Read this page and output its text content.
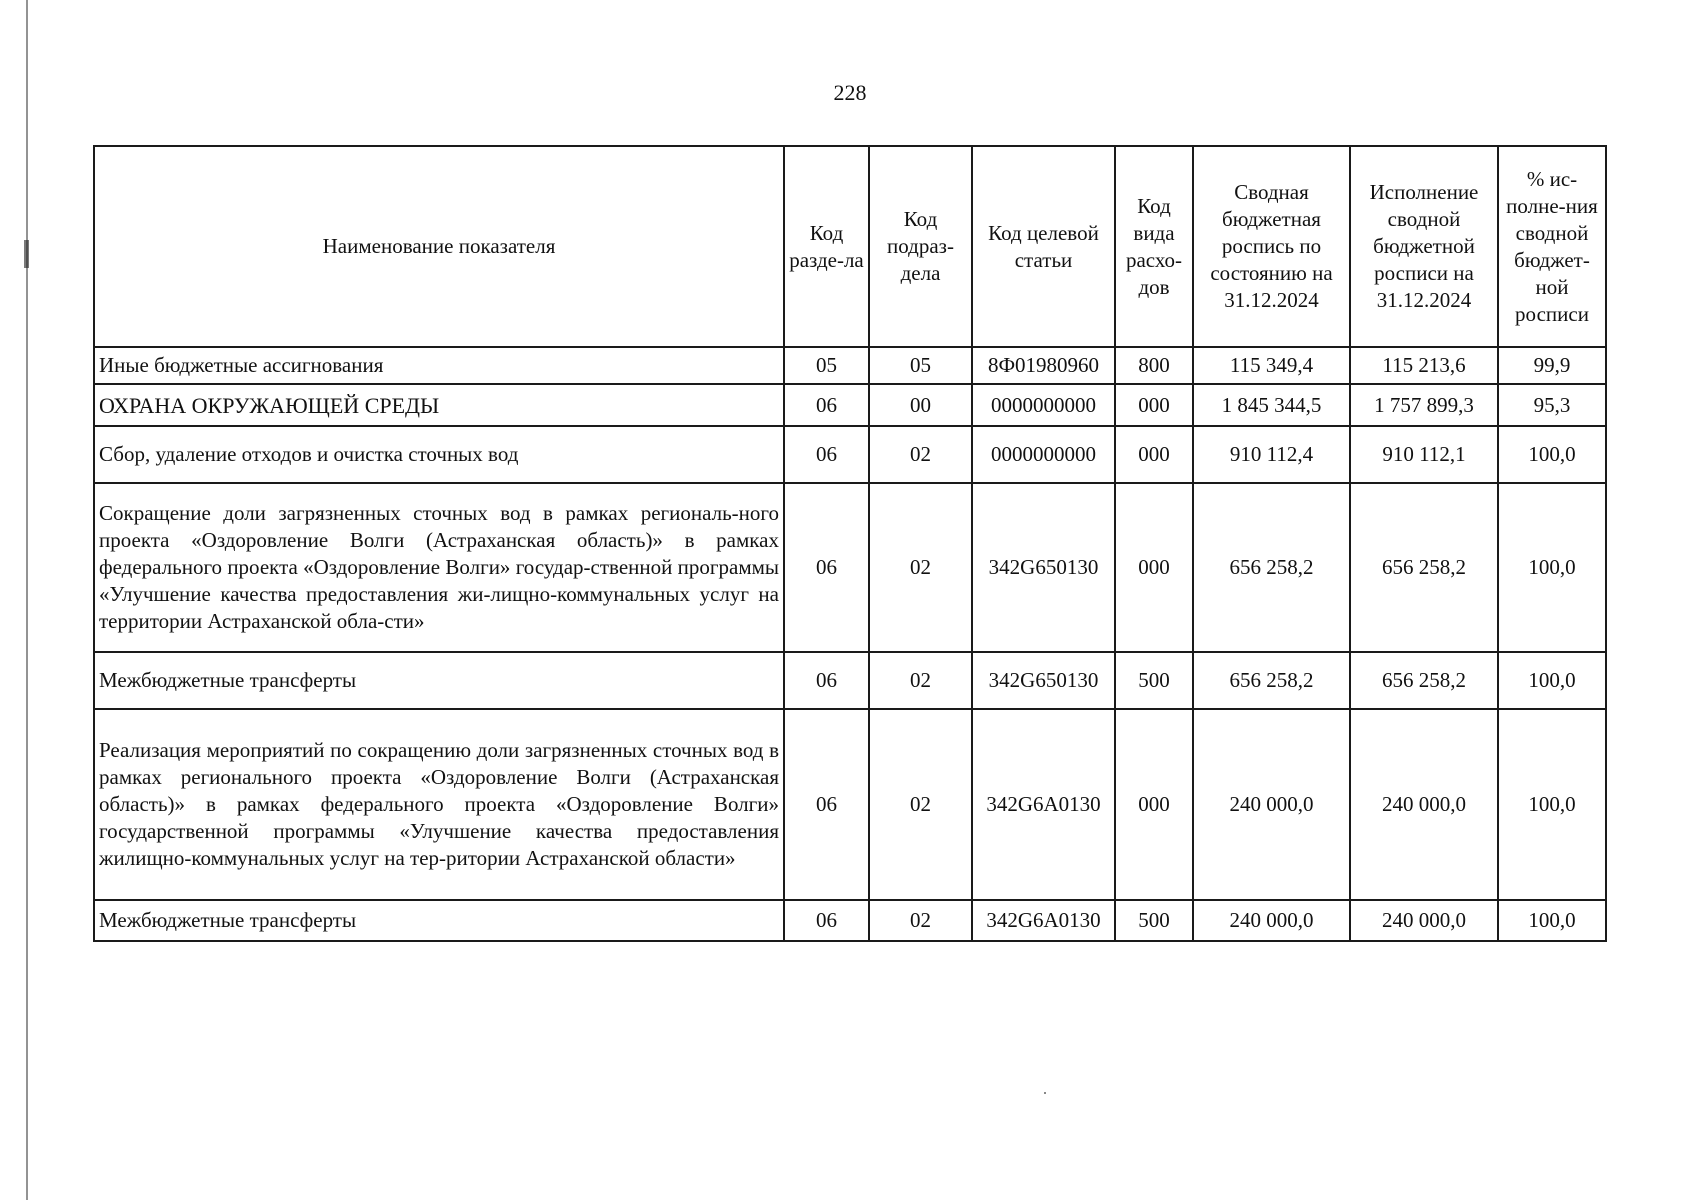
228
Наименование показателя	Код разде-ла	Код подраз-дела	Код целевой статьи	Код вида расхо-дов	Сводная бюджетная роспись по состоянию на 31.12.2024	Исполнение сводной бюджетной росписи на 31.12.2024	% ис-полне-ния сводной бюджет-ной росписи
Иные бюджетные ассигнования	05	05	8Ф01980960	800	115 349,4	115 213,6	99,9
ОХРАНА ОКРУЖАЮЩЕЙ СРЕДЫ	06	00	0000000000	000	1 845 344,5	1 757 899,3	95,3
Сбор, удаление отходов и очистка сточных вод	06	02	0000000000	000	910 112,4	910 112,1	100,0
Сокращение доли загрязненных сточных вод в рамках региональ-ного проекта «Оздоровление Волги (Астраханская область)» в рамках федерального проекта «Оздоровление Волги» государ-ственной программы «Улучшение качества предоставления жи-лищно-коммунальных услуг на территории Астраханской обла-сти»	06	02	342G650130	000	656 258,2	656 258,2	100,0
Межбюджетные трансферты	06	02	342G650130	500	656 258,2	656 258,2	100,0
Реализация мероприятий по сокращению доли загрязненных сточных вод в рамках регионального проекта «Оздоровление Волги (Астраханская область)» в рамках федерального проекта «Оздоровление Волги» государственной программы «Улучшение качества предоставления жилищно-коммунальных услуг на тер-ритории Астраханской области»	06	02	342G6A0130	000	240 000,0	240 000,0	100,0
Межбюджетные трансферты	06	02	342G6A0130	500	240 000,0	240 000,0	100,0
